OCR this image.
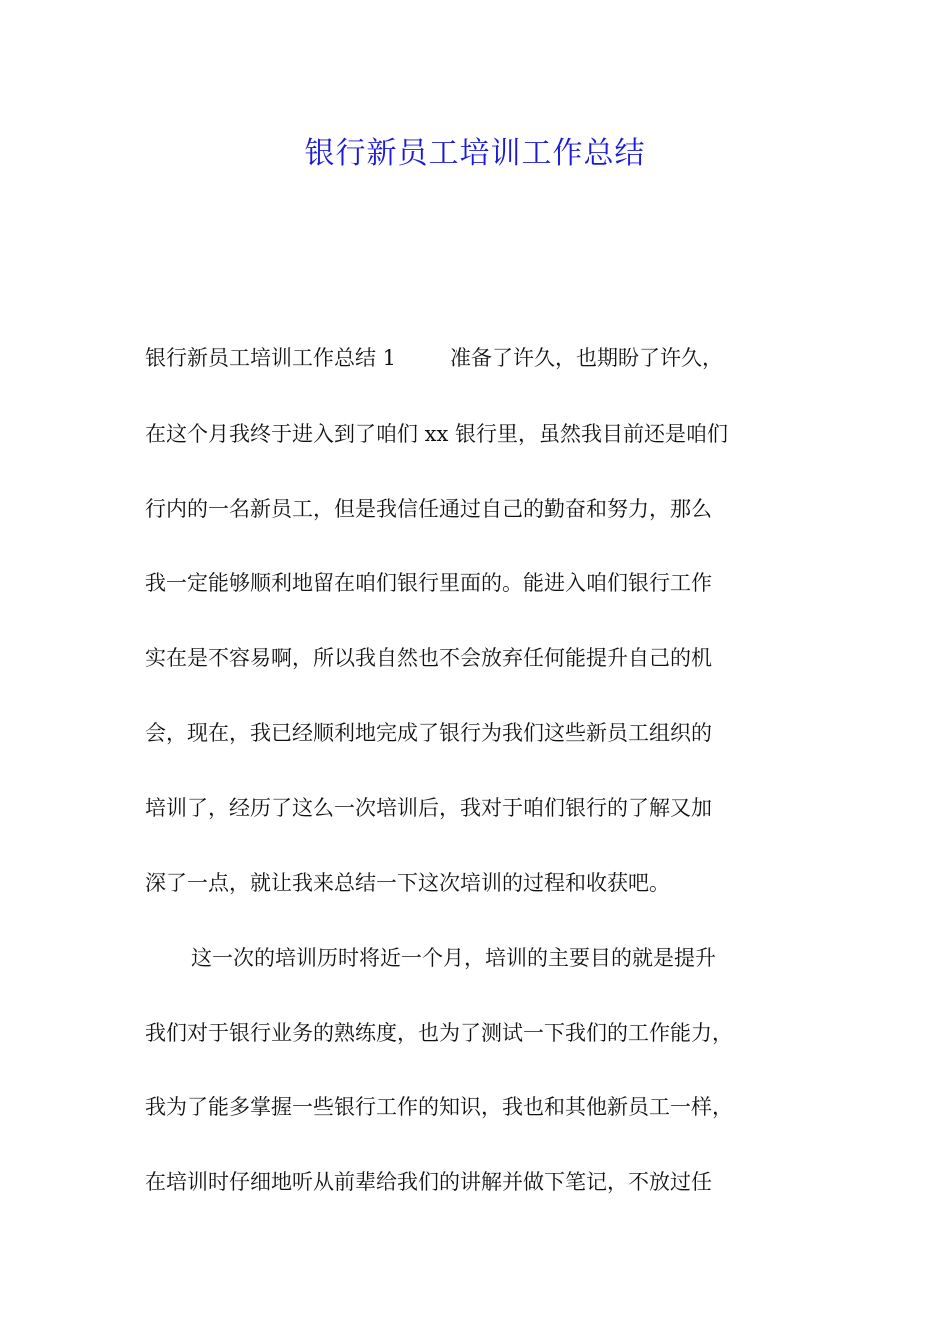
银行新员工培训工作总结
银行新员工培训工作总结 1	准备了许久，也期盼了许久，
在这个月我终于进入到了咱们 xx 银行里，虽然我目前还是咱们
行内的一名新员工，但是我信任通过自己的勤奋和努力，那么
我一定能够顺利地留在咱们银行里面的。能进入咱们银行工作
实在是不容易啊，所以我自然也不会放弃任何能提升自己的机
会，现在，我已经顺利地完成了银行为我们这些新员工组织的
培训了，经历了这么一次培训后，我对于咱们银行的了解又加
深了一点，就让我来总结一下这次培训的过程和收获吧。
这一次的培训历时将近一个月，培训的主要目的就是提升
我们对于银行业务的熟练度，也为了测试一下我们的工作能力，
我为了能多掌握一些银行工作的知识，我也和其他新员工一样，
在培训时仔细地听从前辈给我们的讲解并做下笔记，不放过任
